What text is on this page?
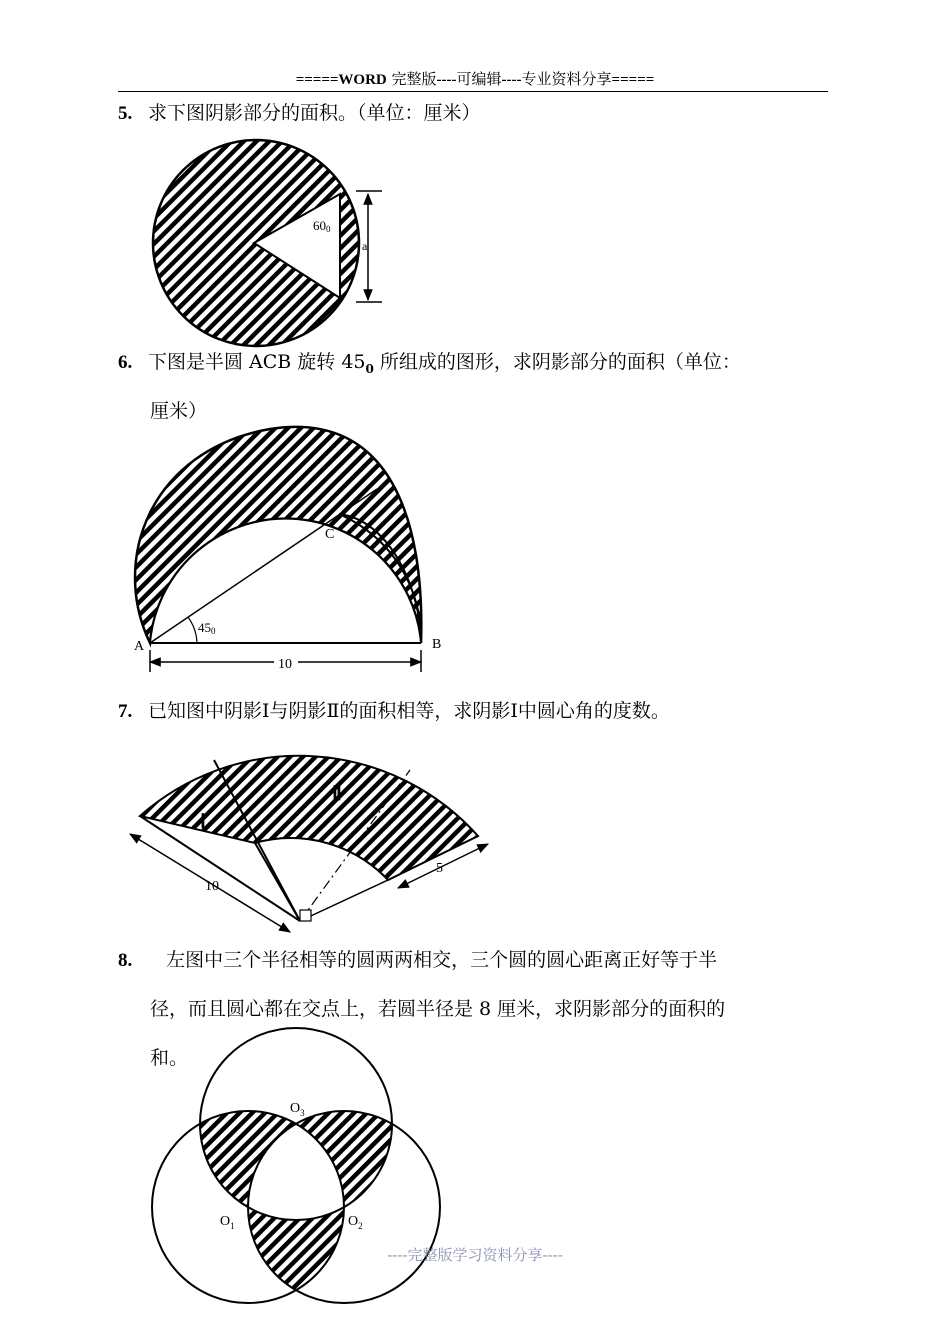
=====WORD 完整版----可编辑----专业资料分享=====
5. 求下图阴影部分的面积。（单位：厘米）
6. 下图是半圆 ACB 旋转 $45_0$ 所组成的图形，求阴影部分的面积（单位：
厘米）
7. 已知图中阴影Ⅰ与阴影Ⅱ的面积相等，求阴影Ⅰ中圆心角的度数。
8.   左图中三个半径相等的圆两两相交，三个圆的圆心距离正好等于半
径，而且圆心都在交点上，若圆半径是 8 厘米，求阴影部分的面积的
和。
600
a
450
C
A	B
10
Ⅰ
Ⅱ
10
5
$O_3$
$O_1$	$O_2$
----完整版学习资料分享----
